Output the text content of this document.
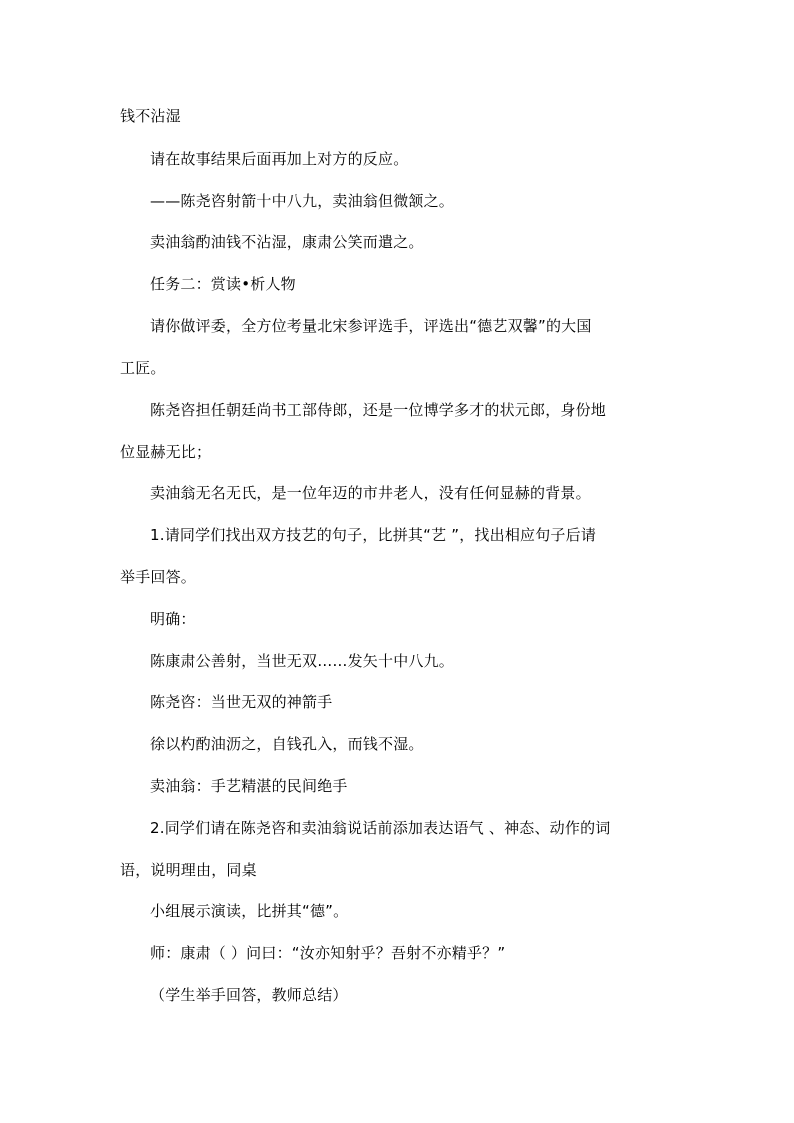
钱不沾湿

请在故事结果后面再加上对方的反应。

——陈尧咨射箭十中八九，卖油翁但微颔之。

卖油翁酌油钱不沾湿，康肃公笑而遣之。

任务二：赏读•析人物

请你做评委，全方位考量北宋参评选手，评选出“德艺双馨”的大国

工匠。

陈尧咨担任朝廷尚书工部侍郎，还是一位博学多才的状元郎，身份地

位显赫无比；

卖油翁无名无氏，是一位年迈的市井老人，没有任何显赫的背景。

1.请同学们找出双方技艺的句子，比拼其“艺 ”，找出相应句子后请

举手回答。

明确：

陈康肃公善射，当世无双……发矢十中八九。

陈尧咨：当世无双的神箭手

徐以杓酌油沥之，自钱孔入，而钱不湿。

卖油翁：手艺精湛的民间绝手

2.同学们请在陈尧咨和卖油翁说话前添加表达语气 、神态、动作的词

语，说明理由，同桌

小组展示演读，比拼其“德”。

师：康肃（ ）问曰：“汝亦知射乎？吾射不亦精乎？”

（学生举手回答，教师总结）
